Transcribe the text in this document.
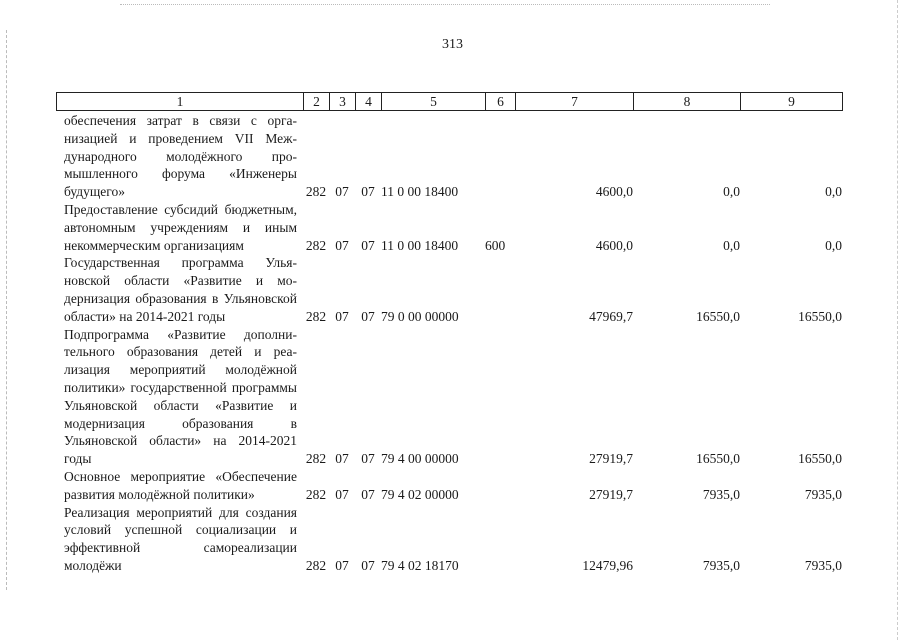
313
1	2	3	4	5	6	7	8	9
обеспечения затрат в связи с организацией и проведением VII Международного молодёжного промышленного форума «Инженеры будущего»	282	07	07	11 0 00 18400		4600,0	0,0	0,0
Предоставление субсидий бюджетным, автономным учреждениям и иным некоммерческим организациям	282	07	07	11 0 00 18400	600	4600,0	0,0	0,0
Государственная программа Ульяновской области «Развитие и модернизация образования в Ульяновской области» на 2014-2021 годы	282	07	07	79 0 00 00000		47969,7	16550,0	16550,0
Подпрограмма «Развитие дополнительного образования детей и реализация мероприятий молодёжной политики» государственной программы Ульяновской области «Развитие и модернизация образования в Ульяновской области» на 2014-2021 годы	282	07	07	79 4 00 00000		27919,7	16550,0	16550,0
Основное мероприятие «Обеспечение развития молодёжной политики»	282	07	07	79 4 02 00000		27919,7	7935,0	7935,0
Реализация мероприятий для создания условий успешной социализации и эффективной самореализации молодёжи	282	07	07	79 4 02 18170		12479,96	7935,0	7935,0
